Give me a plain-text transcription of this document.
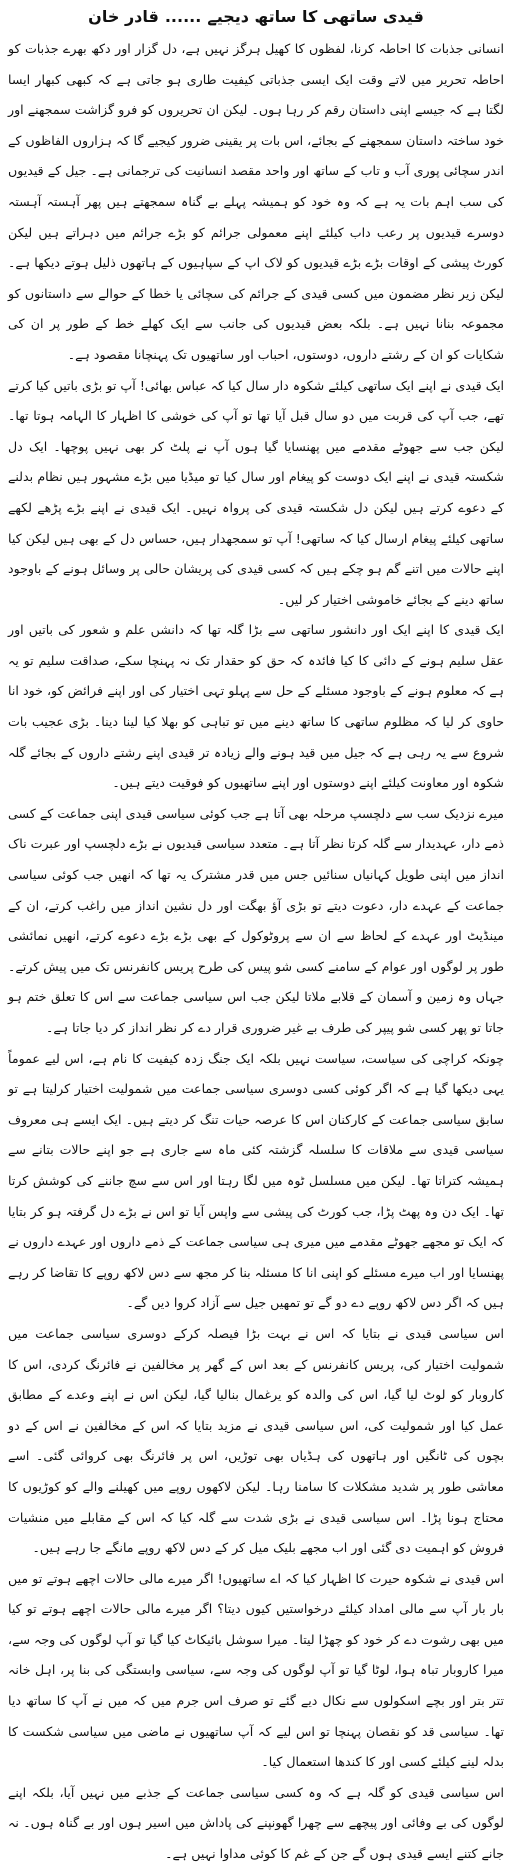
قیدی ساتھی کا ساتھ دیجیے......قادر خان

انسانی جذبات کا احاطہ کرنا، لفظوں کا کھیل ہرگز نہیں ہے، دل گزار اور دکھ بھرے جذبات کو احاطہ تحریر میں لاتے وقت ایک ایسی جذباتی کیفیت طاری ہو جاتی ہے کہ کبھی کبھار ایسا لگتا ہے کہ جیسے اپنی داستان رقم کر رہا ہوں۔ لیکن ان تحریروں کو فرو گزاشت سمجھنے اور خود ساختہ داستان سمجھنے کے بجائے، اس بات پر یقینی ضرور کیجیے گا کہ ہزاروں الفاظوں کے اندر سچائی پوری آب و تاب کے ساتھ اور واحد مقصد انسانیت کی ترجمانی ہے۔ جیل کے قیدیوں کی سب اہم بات یہ ہے کہ وہ خود کو ہمیشہ پہلے بے گناہ سمجھتے ہیں پھر آہستہ آہستہ دوسرے قیدیوں پر رعب داب کیلئے اپنے معمولی جرائم کو بڑے جرائم میں دہراتے ہیں لیکن کورٹ پیشی کے اوقات بڑے بڑے قیدیوں کو لاک اپ کے سپاہیوں کے ہاتھوں ذلیل ہوتے دیکھا ہے۔ لیکن زیر نظر مضمون میں کسی قیدی کے جرائم کی سچائی یا خطا کے حوالے سے داستانوں کو مجموعہ بنانا نہیں ہے۔ بلکہ بعض قیدیوں کی جانب سے ایک کھلے خط کے طور پر ان کی شکایات کو ان کے رشتے داروں، دوستوں، احباب اور ساتھیوں تک پہنچانا مقصود ہے۔

ایک قیدی نے اپنے ایک ساتھی کیلئے شکوہ دار سال کیا کہ عباس بھائی! آپ تو بڑی باتیں کیا کرتے تھے، جب آپ کی قربت میں دو سال قبل آیا تھا تو آپ کی خوشی کا اظہار کا الہامہ ہوتا تھا۔ لیکن جب سے جھوٹے مقدمے میں پھنسایا گیا ہوں آپ نے پلٹ کر بھی نہیں پوچھا۔ ایک دل شکستہ قیدی نے اپنے ایک دوست کو پیغام اور سال کیا تو میڈیا میں بڑے مشہور ہیں نظام بدلنے کے دعوے کرتے ہیں لیکن دل شکستہ قیدی کی پرواہ نہیں۔ ایک قیدی نے اپنے بڑے پڑھے لکھے ساتھی کیلئے پیغام ارسال کیا کہ ساتھی! آپ تو سمجھدار ہیں، حساس دل کے بھی ہیں لیکن کیا اپنے حالات میں اتنے گم ہو چکے ہیں کہ کسی قیدی کی پریشان حالی پر وسائل ہونے کے باوجود ساتھ دینے کے بجائے خاموشی اختیار کر لیں۔

ایک قیدی کا اپنے ایک اور دانشور ساتھی سے بڑا گلہ تھا کہ دانشں علم و شعور کی باتیں اور عقل سلیم ہونے کے دائی کا کیا فائدہ کہ حق کو حقدار تک نہ پہنچا سکے، صداقت سلیم تو یہ ہے کہ معلوم ہونے کے باوجود مسئلے کے حل سے پہلو تہی اختیار کی اور اپنے فرائض کو، خود انا حاوی کر لیا کہ مظلوم ساتھی کا ساتھ دینے میں تو تباہی کو بھلا کیا لینا دینا۔ بڑی عجیب بات شروع سے یہ رہی ہے کہ جیل میں قید ہونے والے زیادہ تر قیدی اپنے رشتے داروں کے بجائے گلہ شکوہ اور معاونت کیلئے اپنے دوستوں اور اپنے ساتھیوں کو فوقیت دیتے ہیں۔

میرے نزدیک سب سے دلچسپ مرحلہ بھی آتا ہے جب کوئی سیاسی قیدی اپنی جماعت کے کسی ذمے دار، عہدیدار سے گلہ کرتا نظر آتا ہے۔ متعدد سیاسی قیدیوں نے بڑے دلچسپ اور عبرت ناک انداز میں اپنی طویل کہانیاں سنائیں جس میں قدر مشترک یہ تھا کہ انھیں جب کوئی سیاسی جماعت کے عہدے دار، دعوت دیتے تو بڑی آؤ بھگت اور دل نشین انداز میں راغب کرتے، ان کے مینڈیٹ اور عہدے کے لحاظ سے ان سے پروٹوکول کے بھی بڑے بڑے دعوے کرتے، انھیں نمائشی طور پر لوگوں اور عوام کے سامنے کسی شو پیس کی طرح پریس کانفرنس تک میں پیش کرتے۔ جہاں وہ زمین و آسمان کے قلابے ملاتا لیکن جب اس سیاسی جماعت سے اس کا تعلق ختم ہو جاتا تو پھر کسی شو پیپر کی طرف بے غیر ضروری قرار دے کر نظر انداز کر دیا جاتا ہے۔

چونکہ کراچی کی سیاست، سیاست نہیں بلکہ ایک جنگ زدہ کیفیت کا نام ہے، اس لیے عموماً یہی دیکھا گیا ہے کہ اگر کوئی کسی دوسری سیاسی جماعت میں شمولیت اختیار کرلیتا ہے تو سابق سیاسی جماعت کے کارکنان اس کا عرصہ حیات تنگ کر دیتے ہیں۔ ایک ایسے ہی معروف سیاسی قیدی سے ملاقات کا سلسلہ گزشتہ کئی ماہ سے جاری ہے جو اپنے حالات بتانے سے ہمیشہ کتراتا تھا۔ لیکن میں مسلسل ٹوہ میں لگا رہتا اور اس سے سچ جاننے کی کوشش کرتا تھا۔ ایک دن وہ پھٹ پڑا، جب کورٹ کی پیشی سے واپس آیا تو اس نے بڑے دل گرفتہ ہو کر بتایا کہ ایک تو مجھے جھوٹے مقدمے میں میری ہی سیاسی جماعت کے ذمے داروں اور عہدے داروں نے پھنسایا اور اب میرے مسئلے کو اپنی انا کا مسئلہ بنا کر مجھ سے دس لاکھ روپے کا تقاضا کر رہے ہیں کہ اگر دس لاکھ روپے دے دو گے تو تمھیں جیل سے آزاد کروا دیں گے۔

اس سیاسی قیدی نے بتایا کہ اس نے بہت بڑا فیصلہ کرکے دوسری سیاسی جماعت میں شمولیت اختیار کی، پریس کانفرنس کے بعد اس کے گھر پر مخالفین نے فائرنگ کردی، اس کا کاروبار کو لوٹ لیا گیا، اس کی والدہ کو یرغمال بنالیا گیا، لیکن اس نے اپنے وعدے کے مطابق عمل کیا اور شمولیت کی، اس سیاسی قیدی نے مزید بتایا کہ اس کے مخالفین نے اس کے دو بچوں کی ٹانگیں اور ہاتھوں کی ہڈیاں بھی توڑیں، اس پر فائرنگ بھی کروائی گئی۔ اسے معاشی طور پر شدید مشکلات کا سامنا رہا۔ لیکن لاکھوں روپے میں کھیلنے والے کو کوڑیوں کا محتاج ہونا پڑا۔ اس سیاسی قیدی نے بڑی شدت سے گلہ کیا کہ اس کے مقابلے میں منشیات فروش کو اہمیت دی گئی اور اب مجھے بلیک میل کر کے دس لاکھ روپے مانگے جا رہے ہیں۔

اس قیدی نے شکوہ حیرت کا اظہار کیا کہ اے ساتھیوں! اگر میرے مالی حالات اچھے ہوتے تو میں بار بار آپ سے مالی امداد کیلئے درخواستیں کیوں دیتا؟ اگر میرے مالی حالات اچھے ہوتے تو کیا میں بھی رشوت دے کر خود کو چھڑا لیتا۔ میرا سوشل بائیکاٹ کیا گیا تو آپ لوگوں کی وجہ سے، میرا کاروبار تباہ ہوا، لوٹا گیا تو آپ لوگوں کی وجہ سے، سیاسی وابستگی کی بنا پر، اہل خانہ تتر بتر اور بچے اسکولوں سے نکال دیے گئے تو صرف اس جرم میں کہ میں نے آپ کا ساتھ دیا تھا۔ سیاسی قد کو نقصان پہنچا تو اس لیے کہ آپ ساتھیوں نے ماضی میں سیاسی شکست کا بدلہ لینے کیلئے کسی اور کا کندھا استعمال کیا۔

اس سیاسی قیدی کو گلہ ہے کہ وہ کسی سیاسی جماعت کے جذبے میں نہیں آیا، بلکہ اپنے لوگوں کی بے وفائی اور پیچھے سے چھرا گھونپنے کی پاداش میں اسیر ہوں اور بے گناہ ہوں۔ نہ جانے کتنے ایسے قیدی ہوں گے جن کے غم کا کوئی مداوا نہیں ہے۔
